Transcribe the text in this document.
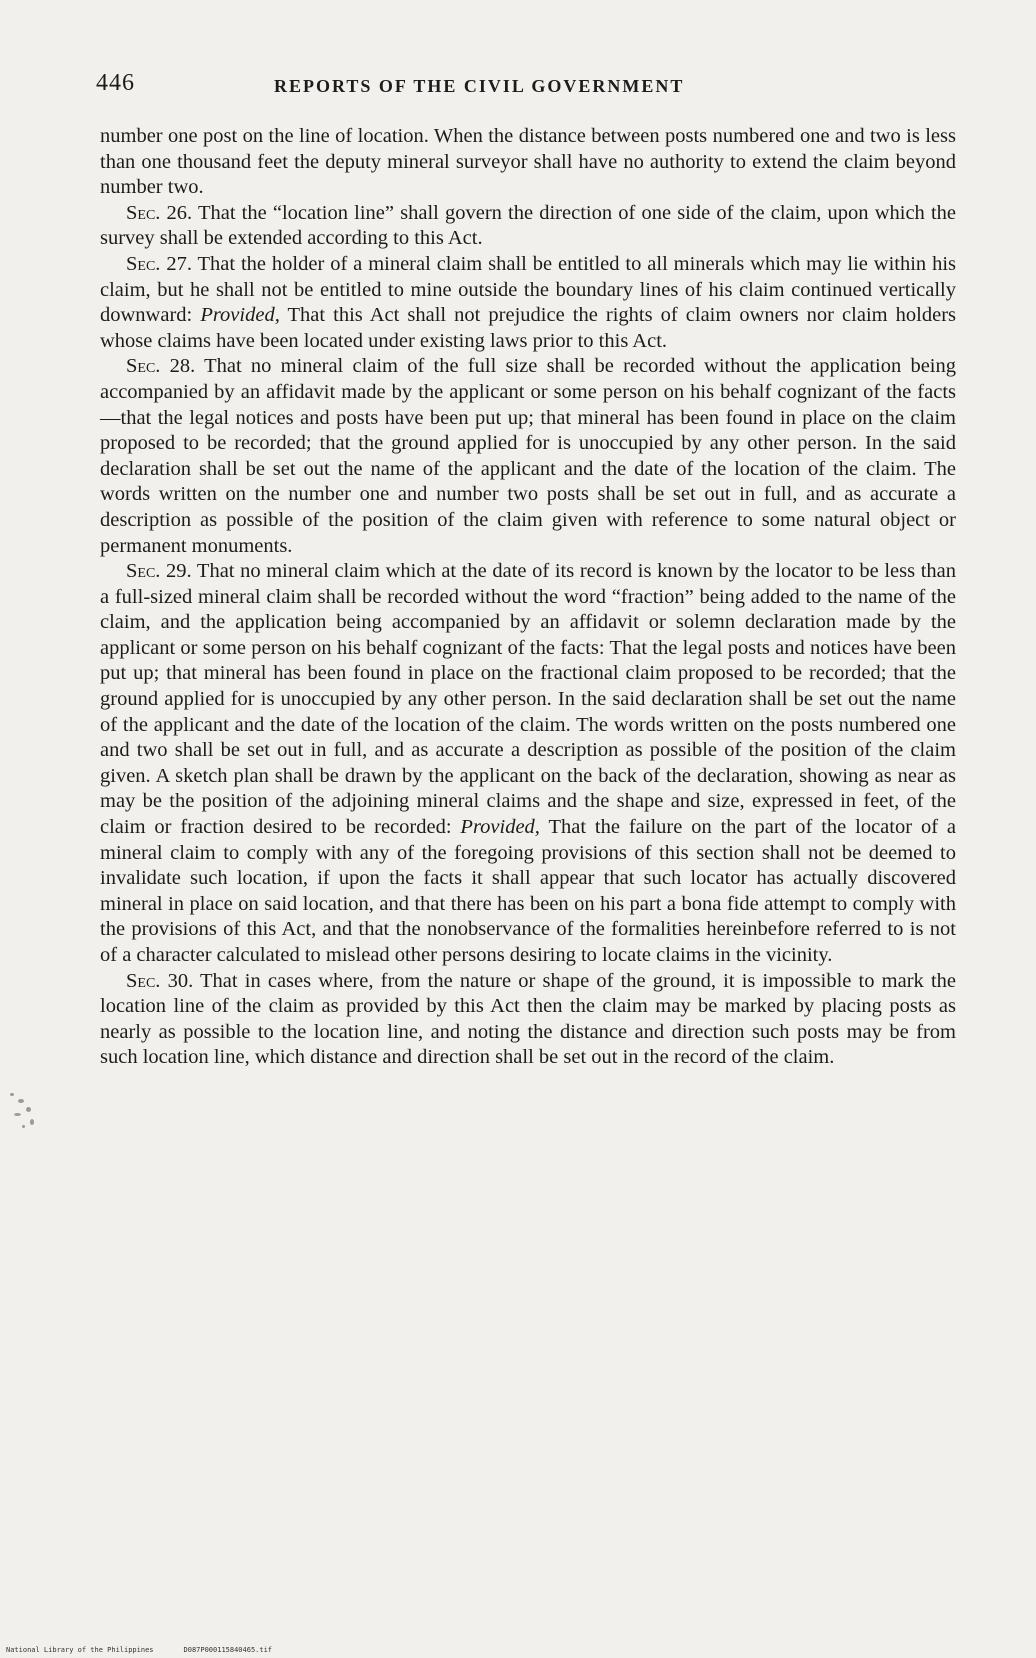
446	REPORTS OF THE CIVIL GOVERNMENT

number one post on the line of location. When the distance between posts numbered one and two is less than one thousand feet the deputy mineral surveyor shall have no authority to extend the claim beyond number two.

Sec. 26. That the “location line” shall govern the direction of one side of the claim, upon which the survey shall be extended according to this Act.

Sec. 27. That the holder of a mineral claim shall be entitled to all minerals which may lie within his claim, but he shall not be entitled to mine outside the boundary lines of his claim continued vertically downward: Provided, That this Act shall not prejudice the rights of claim owners nor claim holders whose claims have been located under existing laws prior to this Act.

Sec. 28. That no mineral claim of the full size shall be recorded without the application being accompanied by an affidavit made by the applicant or some person on his behalf cognizant of the facts—that the legal notices and posts have been put up; that mineral has been found in place on the claim proposed to be recorded; that the ground applied for is unoccupied by any other person. In the said declaration shall be set out the name of the applicant and the date of the location of the claim. The words written on the number one and number two posts shall be set out in full, and as accurate a description as possible of the position of the claim given with reference to some natural object or permanent monuments.

Sec. 29. That no mineral claim which at the date of its record is known by the locator to be less than a full-sized mineral claim shall be recorded without the word “fraction” being added to the name of the claim, and the application being accompanied by an affidavit or solemn declaration made by the applicant or some person on his behalf cognizant of the facts: That the legal posts and notices have been put up; that mineral has been found in place on the fractional claim proposed to be recorded; that the ground applied for is unoccupied by any other person. In the said declaration shall be set out the name of the applicant and the date of the location of the claim. The words written on the posts numbered one and two shall be set out in full, and as accurate a description as possible of the position of the claim given. A sketch plan shall be drawn by the applicant on the back of the declaration, showing as near as may be the position of the adjoining mineral claims and the shape and size, expressed in feet, of the claim or fraction desired to be recorded: Provided, That the failure on the part of the locator of a mineral claim to comply with any of the foregoing provisions of this section shall not be deemed to invalidate such location, if upon the facts it shall appear that such locator has actually discovered mineral in place on said location, and that there has been on his part a bona fide attempt to comply with the provisions of this Act, and that the nonobservance of the formalities hereinbefore referred to is not of a character calculated to mislead other persons desiring to locate claims in the vicinity.

Sec. 30. That in cases where, from the nature or shape of the ground, it is impossible to mark the location line of the claim as provided by this Act then the claim may be marked by placing posts as nearly as possible to the location line, and noting the distance and direction such posts may be from such location line, which distance and direction shall be set out in the record of the claim.

National Library of the Philippines	D087P000115840465.tif
